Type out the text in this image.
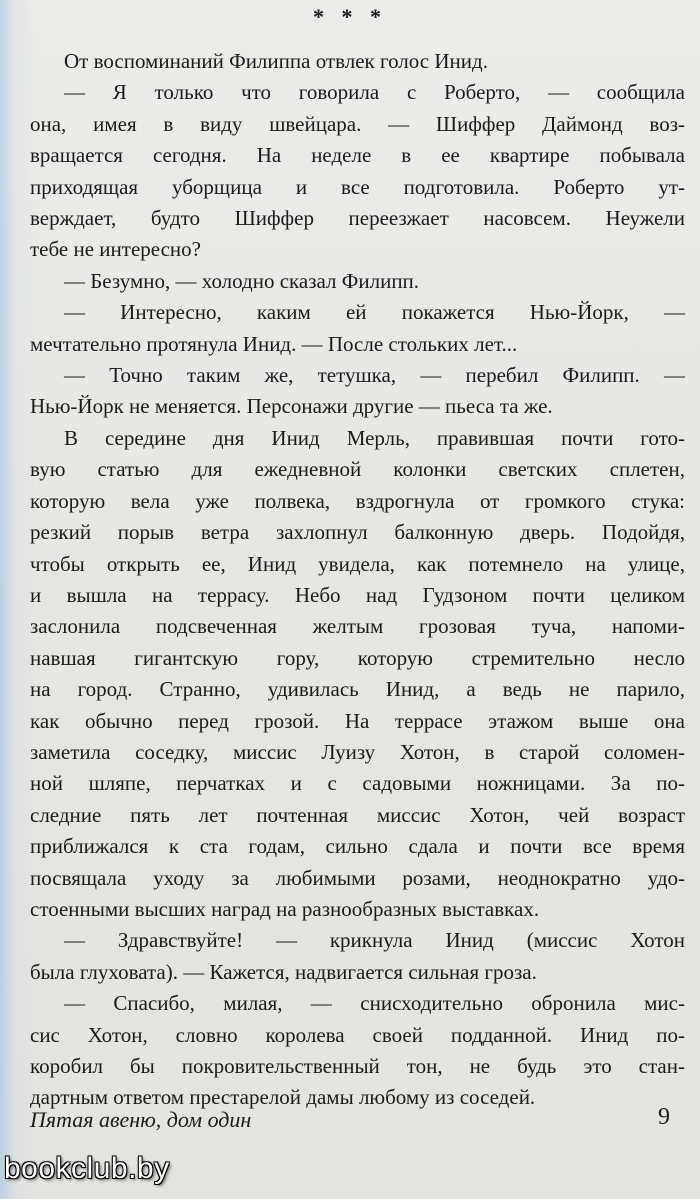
* * *
От воспоминаний Филиппа отвлек голос Инид.
— Я только что говорила с Роберто, — сообщила
она, имея в виду швейцара. — Шиффер Даймонд воз-
вращается сегодня. На неделе в ее квартире побывала
приходящая уборщица и все подготовила. Роберто ут-
верждает, будто Шиффер переезжает насовсем. Неужели
тебе не интересно?
— Безумно, — холодно сказал Филипп.
— Интересно, каким ей покажется Нью-Йорк, —
мечтательно протянула Инид. — После стольких лет...
— Точно таким же, тетушка, — перебил Филипп. —
Нью-Йорк не меняется. Персонажи другие — пьеса та же.
В середине дня Инид Мерль, правившая почти гото-
вую статью для ежедневной колонки светских сплетен,
которую вела уже полвека, вздрогнула от громкого стука:
резкий порыв ветра захлопнул балконную дверь. Подойдя,
чтобы открыть ее, Инид увидела, как потемнело на улице,
и вышла на террасу. Небо над Гудзоном почти целиком
заслонила подсвеченная желтым грозовая туча, напоми-
навшая гигантскую гору, которую стремительно несло
на город. Странно, удивилась Инид, а ведь не парило,
как обычно перед грозой. На террасе этажом выше она
заметила соседку, миссис Луизу Хотон, в старой соломен-
ной шляпе, перчатках и с садовыми ножницами. За по-
следние пять лет почтенная миссис Хотон, чей возраст
приближался к ста годам, сильно сдала и почти все время
посвящала уходу за любимыми розами, неоднократно удо-
стоенными высших наград на разнообразных выставках.
— Здравствуйте! — крикнула Инид (миссис Хотон
была глуховата). — Кажется, надвигается сильная гроза.
— Спасибо, милая, — снисходительно обронила мис-
сис Хотон, словно королева своей подданной. Инид по-
коробил бы покровительственный тон, не будь это стан-
дартным ответом престарелой дамы любому из соседей.
Пятая авеню, дом один	9
bookclub.by
